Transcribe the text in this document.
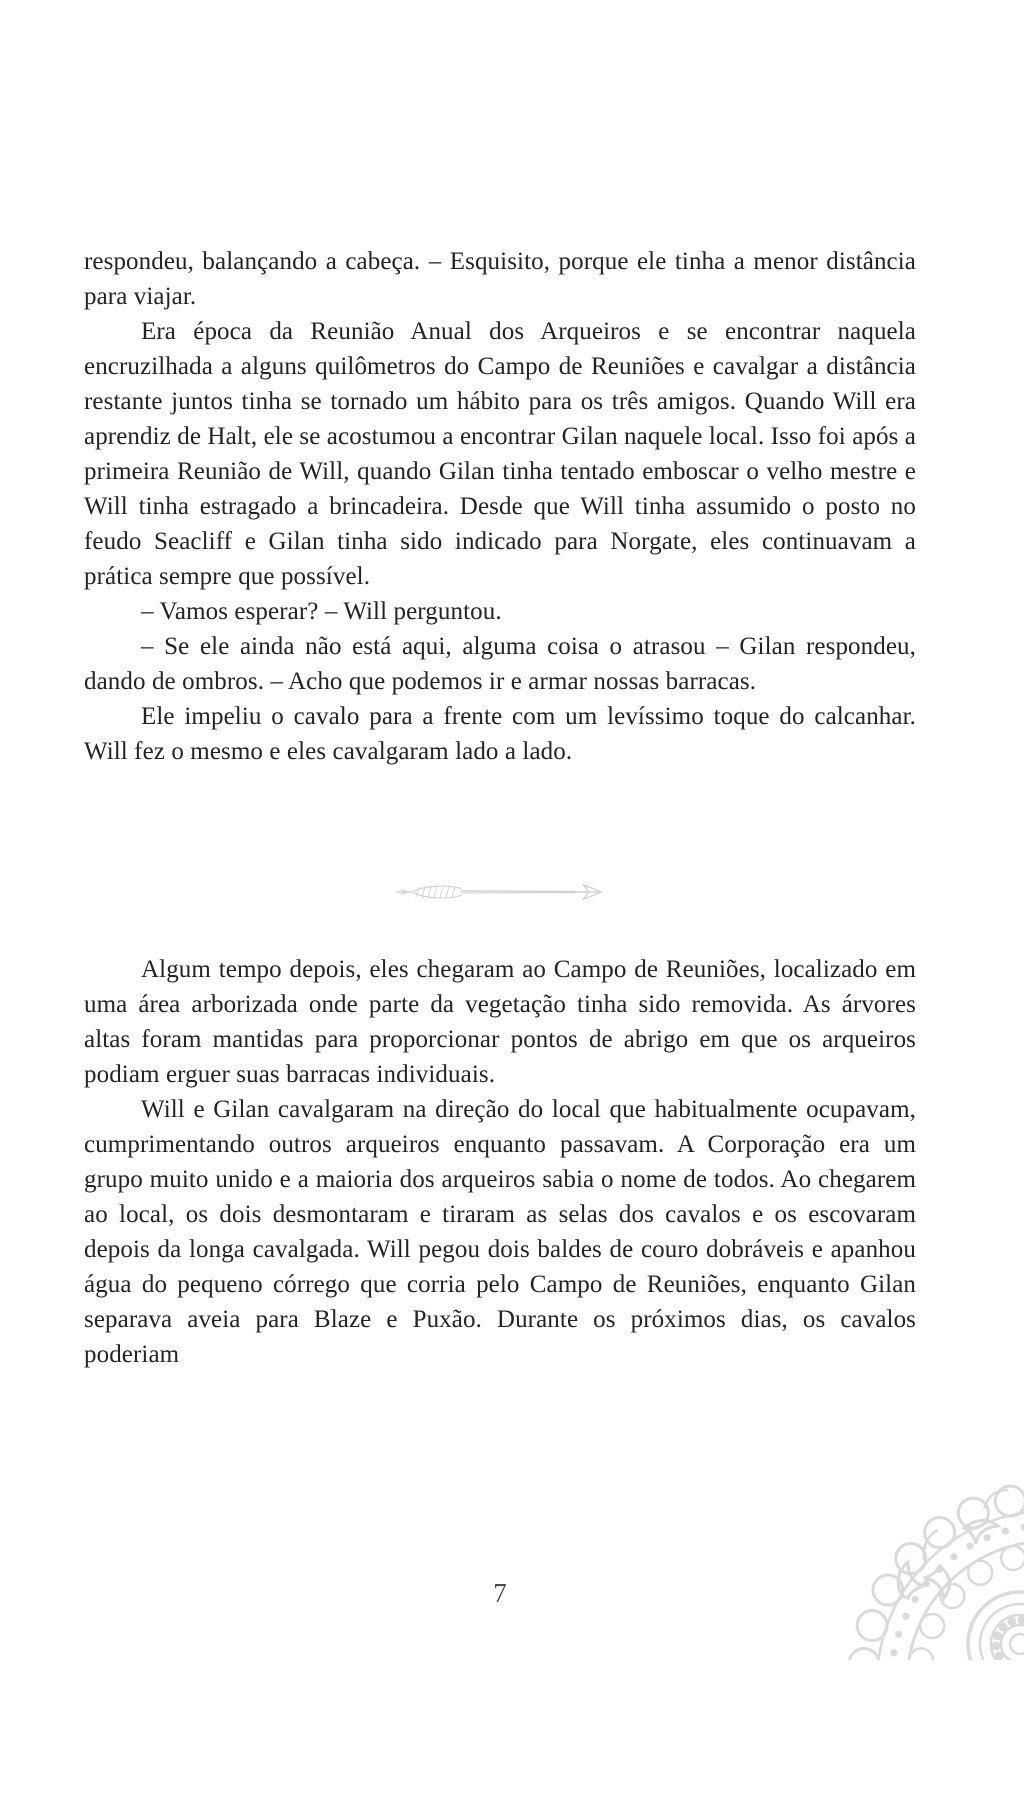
respondeu, balançando a cabeça. – Esquisito, porque ele tinha a menor distância para viajar.

Era época da Reunião Anual dos Arqueiros e se encontrar naquela encruzilhada a alguns quilômetros do Campo de Reuniões e cavalgar a distância restante juntos tinha se tornado um hábito para os três amigos. Quando Will era aprendiz de Halt, ele se acostumou a encontrar Gilan naquele local. Isso foi após a primeira Reunião de Will, quando Gilan tinha tentado emboscar o velho mestre e Will tinha estragado a brincadeira. Desde que Will tinha assumido o posto no feudo Seacliff e Gilan tinha sido indicado para Norgate, eles continuavam a prática sempre que possível.

– Vamos esperar? – Will perguntou.

– Se ele ainda não está aqui, alguma coisa o atrasou – Gilan respondeu, dando de ombros. – Acho que podemos ir e armar nossas barracas.

Ele impeliu o cavalo para a frente com um levíssimo toque do calcanhar. Will fez o mesmo e eles cavalgaram lado a lado.

Algum tempo depois, eles chegaram ao Campo de Reuniões, localizado em uma área arborizada onde parte da vegetação tinha sido removida. As árvores altas foram mantidas para proporcionar pontos de abrigo em que os arqueiros podiam erguer suas barracas individuais.

Will e Gilan cavalgaram na direção do local que habitualmente ocupavam, cumprimentando outros arqueiros enquanto passavam. A Corporação era um grupo muito unido e a maioria dos arqueiros sabia o nome de todos. Ao chegarem ao local, os dois desmontaram e tiraram as selas dos cavalos e os escovaram depois da longa cavalgada. Will pegou dois baldes de couro dobráveis e apanhou água do pequeno córrego que corria pelo Campo de Reuniões, enquanto Gilan separava aveia para Blaze e Puxão. Durante os próximos dias, os cavalos poderiam

7
